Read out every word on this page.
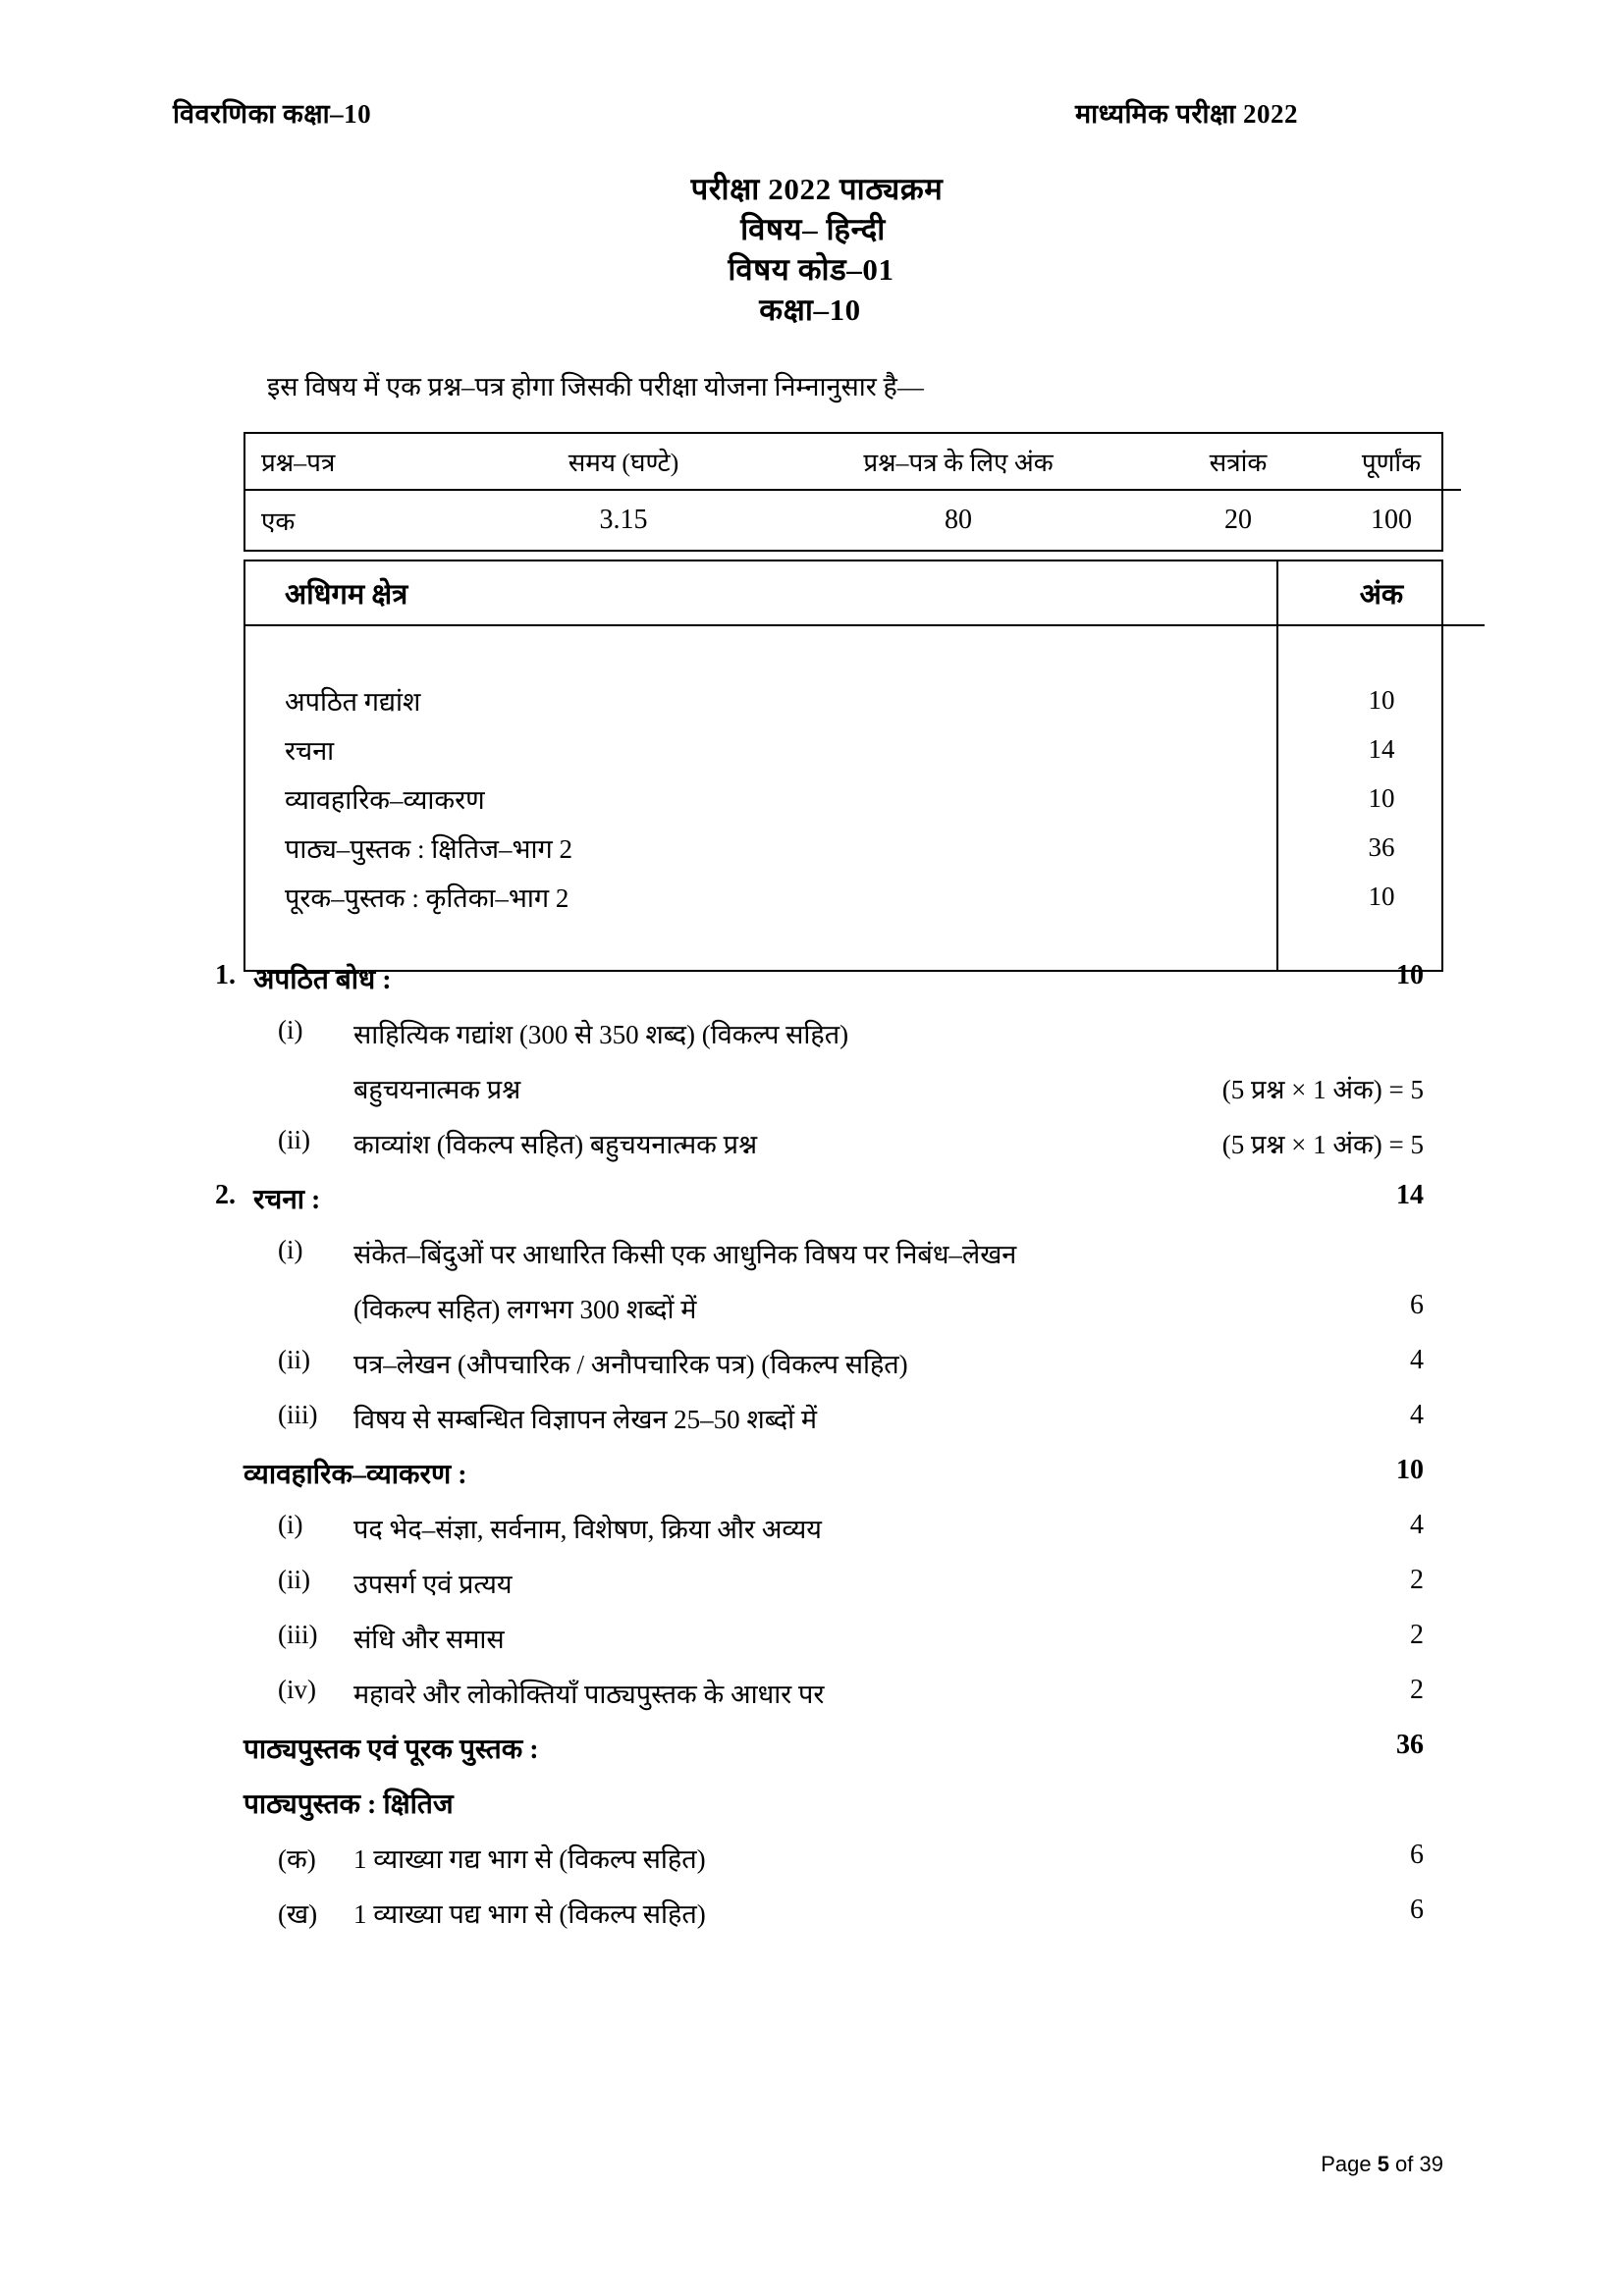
विवरणिका कक्षा–10	माध्यमिक परीक्षा 2022
परीक्षा 2022 पाठ्यक्रम
विषय– हिन्दी
विषय कोड–01
कक्षा–10
इस विषय में एक प्रश्न–पत्र होगा जिसकी परीक्षा योजना निम्नानुसार है—
प्रश्न–पत्र	समय (घण्टे)	प्रश्न–पत्र के लिए अंक	सत्रांक	पूर्णांक
एक	3.15	80	20	100
अधिगम क्षेत्र	अंक

अपठित गद्यांश	10
रचना	14
व्यावहारिक–व्याकरण	10
पाठ्य–पुस्तक : क्षितिज–भाग 2	36
पूरक–पुस्तक : कृतिका–भाग 2	10

1. अपठित बोध :	10
(i) साहित्यिक गद्यांश (300 से 350 शब्द) (विकल्प सहित)
बहुचयनात्मक प्रश्न	(5 प्रश्न × 1 अंक) = 5
(ii) काव्यांश (विकल्प सहित) बहुचयनात्मक प्रश्न	(5 प्रश्न × 1 अंक) = 5
2. रचना :	14
(i) संकेत–बिंदुओं पर आधारित किसी एक आधुनिक विषय पर निबंध–लेखन
(विकल्प सहित) लगभग 300 शब्दों में	6
(ii) पत्र–लेखन (औपचारिक / अनौपचारिक पत्र) (विकल्प सहित)	4
(iii) विषय से सम्बन्धित विज्ञापन लेखन 25–50 शब्दों में	4
व्यावहारिक–व्याकरण :	10
(i) पद भेद–संज्ञा, सर्वनाम, विशेषण, क्रिया और अव्यय	4
(ii) उपसर्ग एवं प्रत्यय	2
(iii) संधि और समास	2
(iv) महावरे और लोकोक्तियाँ पाठ्यपुस्तक के आधार पर	2
पाठ्यपुस्तक एवं पूरक पुस्तक :	36
पाठ्यपुस्तक : क्षितिज
(क) 1 व्याख्या गद्य भाग से (विकल्प सहित)	6
(ख) 1 व्याख्या पद्य भाग से (विकल्प सहित)	6
Page 5 of 39
